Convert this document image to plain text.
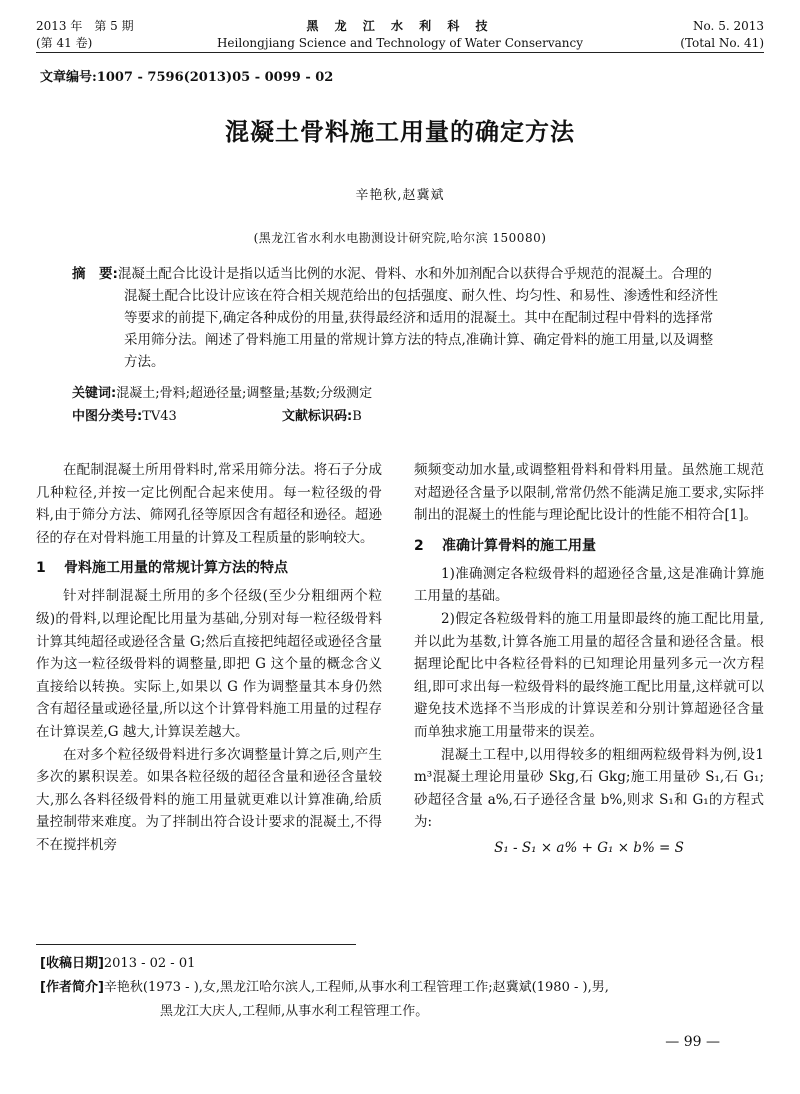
2013 年　第 5 期
(第 41 卷)
黑 龙 江 水 利 科 技
Heilongjiang Science and Technology of Water Conservancy
No. 5. 2013
(Total No. 41)
文章编号:1007 - 7596(2013)05 - 0099 - 02
混凝土骨料施工用量的确定方法
辛艳秋,赵冀斌
(黑龙江省水利水电勘测设计研究院,哈尔滨 150080)
摘　要:混凝土配合比设计是指以适当比例的水泥、骨料、水和外加剂配合以获得合乎规范的混凝土。合理的混凝土配合比设计应该在符合相关规范给出的包括强度、耐久性、均匀性、和易性、渗透性和经济性等要求的前提下,确定各种成份的用量,获得最经济和适用的混凝土。其中在配制过程中骨料的选择常采用筛分法。阐述了骨料施工用量的常规计算方法的特点,准确计算、确定骨料的施工用量,以及调整方法。
关键词:混凝土;骨料;超逊径量;调整量;基数;分级测定
中图分类号:TV43	文献标识码:B

在配制混凝土所用骨料时,常采用筛分法。将石子分成几种粒径,并按一定比例配合起来使用。每一粒径级的骨料,由于筛分方法、筛网孔径等原因含有超径和逊径。超逊径的存在对骨料施工用量的计算及工程质量的影响较大。

1 骨料施工用量的常规计算方法的特点

针对拌制混凝土所用的多个径级(至少分粗细两个粒级)的骨料,以理论配比用量为基础,分别对每一粒径级骨料计算其纯超径或逊径含量 G;然后直接把纯超径或逊径含量作为这一粒径级骨料的调整量,即把 G 这个量的概念含义直接给以转换。实际上,如果以 G 作为调整量其本身仍然含有超径量或逊径量,所以这个计算骨料施工用量的过程存在计算误差,G 越大,计算误差越大。

在对多个粒径级骨料进行多次调整量计算之后,则产生多次的累积误差。如果各粒径级的超径含量和逊径含量较大,那么各料径级骨料的施工用量就更难以计算准确,给质量控制带来难度。为了拌制出符合设计要求的混凝土,不得不在搅拌机旁

频频变动加水量,或调整粗骨料和骨料用量。虽然施工规范对超逊径含量予以限制,常常仍然不能满足施工要求,实际拌制出的混凝土的性能与理论配比设计的性能不相符合[1]。

2 准确计算骨料的施工用量

1)准确测定各粒级骨料的超逊径含量,这是准确计算施工用量的基础。

2)假定各粒级骨料的施工用量即最终的施工配比用量,并以此为基数,计算各施工用量的超径含量和逊径含量。根据理论配比中各粒径骨料的已知理论用量列多元一次方程组,即可求出每一粒级骨料的最终施工配比用量,这样就可以避免技术选择不当形成的计算误差和分别计算超逊径含量而单独求施工用量带来的误差。

混凝土工程中,以用得较多的粗细两粒级骨料为例,设1 m³混凝土理论用量砂 Skg,石 Gkg;施工用量砂 S₁,石 G₁;砂超径含量 a%,石子逊径含量 b%,则求 S₁和 G₁的方程式为:

S₁ - S₁ × a% + G₁ × b% = S
[收稿日期]2013 - 02 - 01
[作者简介]辛艳秋(1973 - ),女,黑龙江哈尔滨人,工程师,从事水利工程管理工作;赵冀斌(1980 - ),男,
黑龙江大庆人,工程师,从事水利工程管理工作。
— 99 —
